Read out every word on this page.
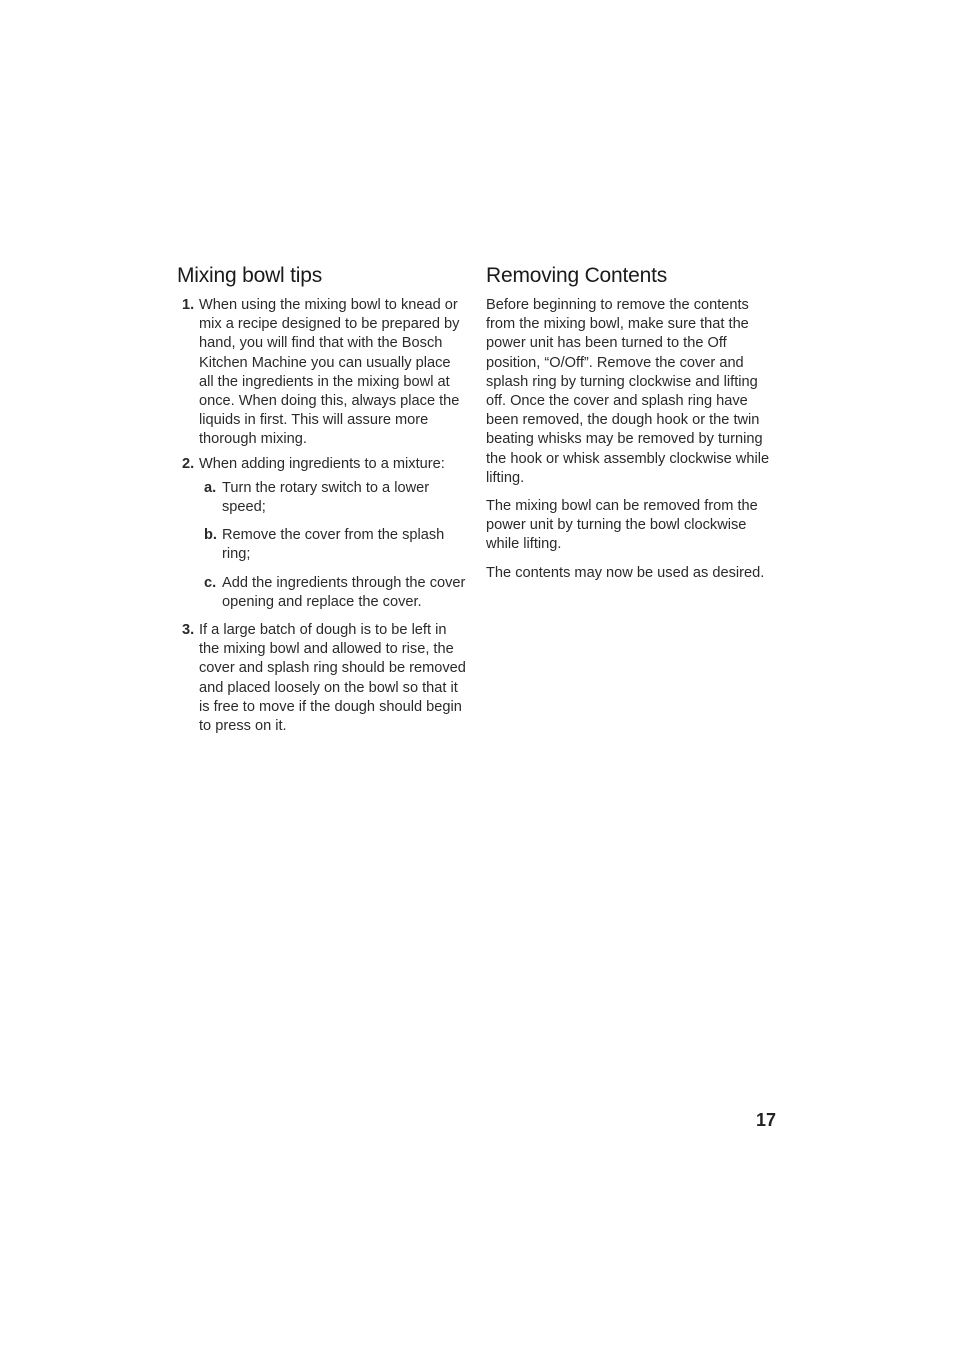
Mixing bowl tips
1. When using the mixing bowl to knead or mix a recipe designed to be prepared by hand, you will find that with the Bosch Kitchen Machine you can usually place all the ingredients in the mixing bowl at once. When doing this, always place the liquids in first. This will assure more thorough mixing.
2. When adding ingredients to a mixture:
a. Turn the rotary switch to a lower speed;
b. Remove the cover from the splash ring;
c. Add the ingredients through the cover opening and replace the cover.
3. If a large batch of dough is to be left in the mixing bowl and allowed to rise, the cover and splash ring should be removed and placed loosely on the bowl so that it is free to move if the dough should begin to press on it.
Removing Contents

Before beginning to remove the contents from the mixing bowl, make sure that the power unit has been turned to the Off position, “O/Off”. Remove the cover and splash ring by turning clockwise and lifting off. Once the cover and splash ring have been removed, the dough hook or the twin beating whisks may be removed by turning the hook or whisk assembly clockwise while lifting.

The mixing bowl can be removed from the power unit by turning the bowl clockwise while lifting.

The contents may now be used as desired.

17
